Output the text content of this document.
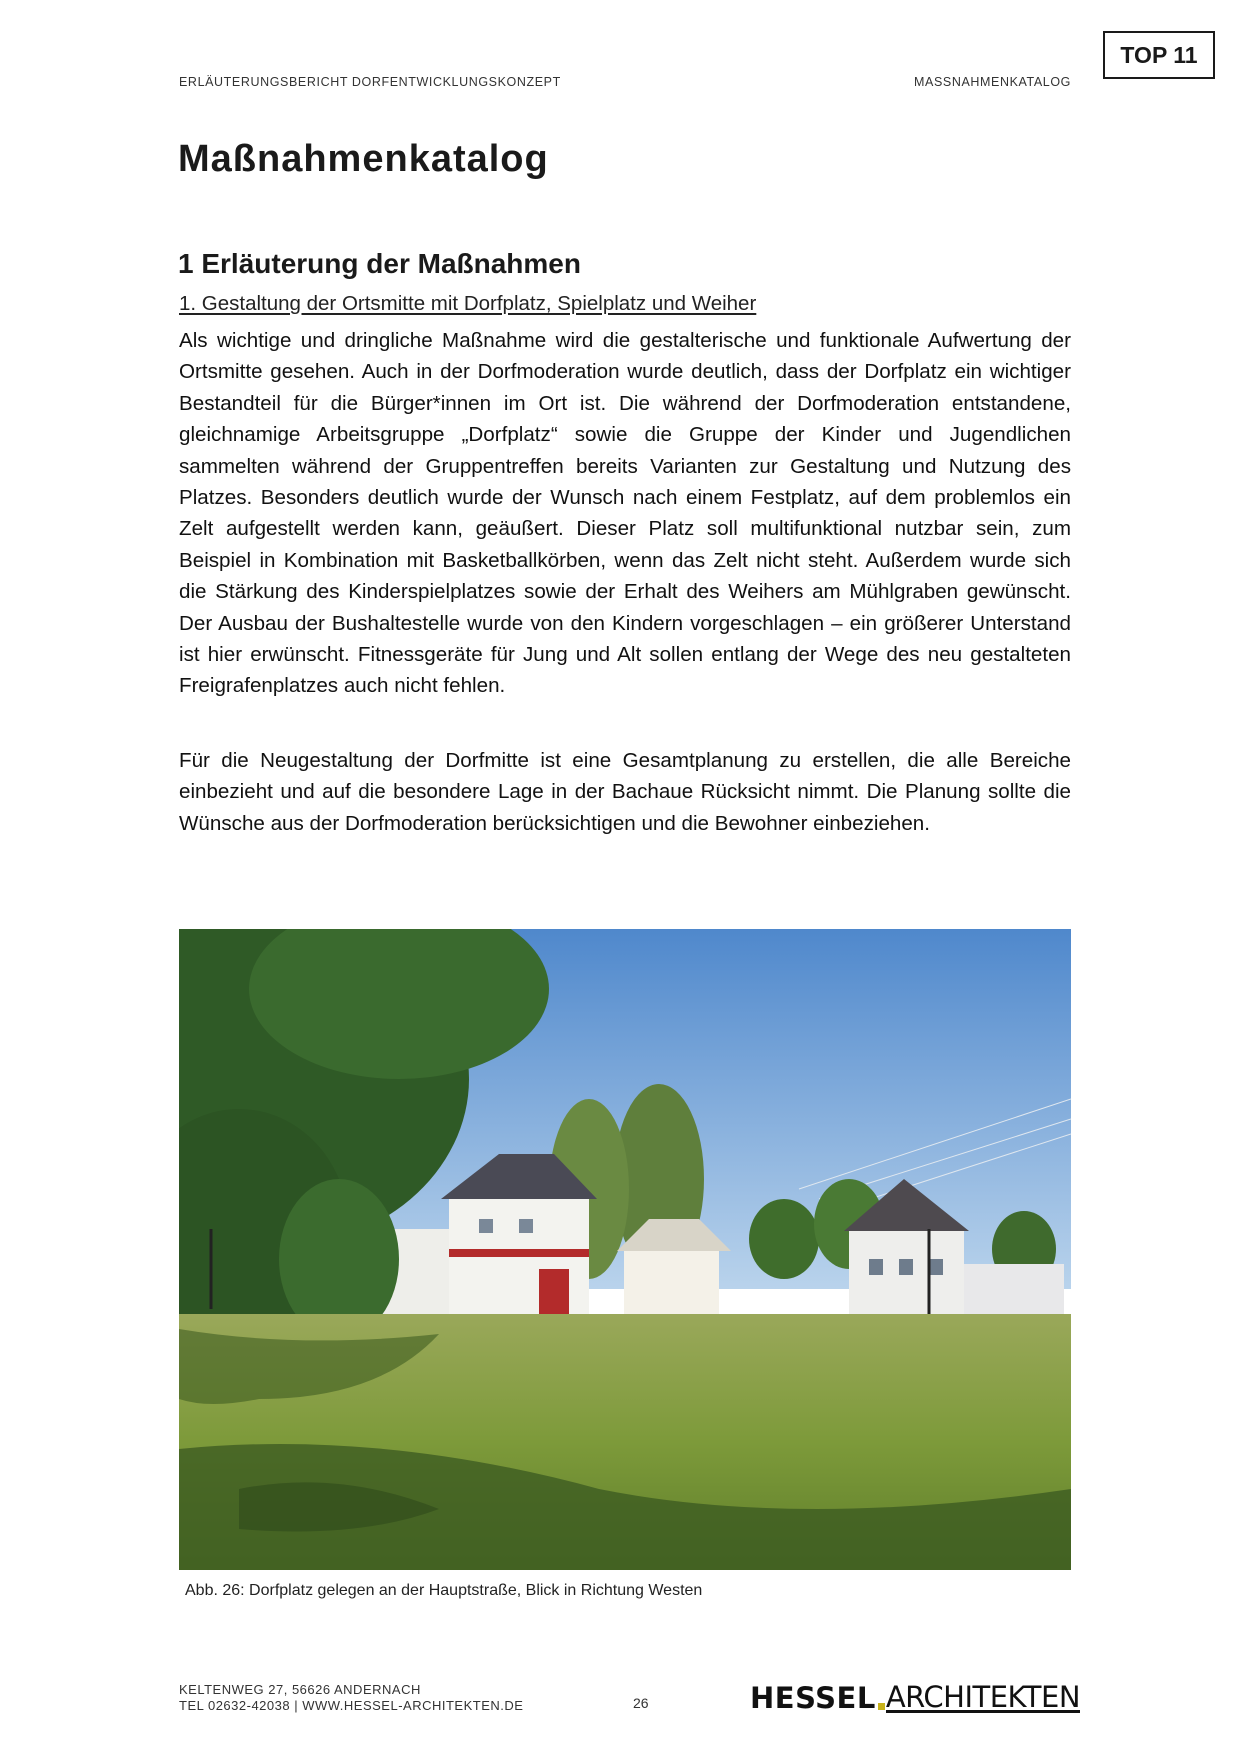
TOP 11
ERLÄUTERUNGSBERICHT DORFENTWICKLUNGSKONZEPT	MASSNAHMENKATALOG
Maßnahmenkatalog
1 Erläuterung der Maßnahmen
1. Gestaltung der Ortsmitte mit Dorfplatz, Spielplatz und Weiher

Als wichtige und dringliche Maßnahme wird die gestalterische und funktionale Aufwertung der Ortsmitte gesehen. Auch in der Dorfmoderation wurde deutlich, dass der Dorfplatz ein wichtiger Bestandteil für die Bürger*innen im Ort ist. Die während der Dorfmoderation entstandene, gleichnamige Arbeitsgruppe „Dorfplatz“ sowie die Gruppe der Kinder und Jugendlichen sammelten während der Gruppentreffen bereits Varianten zur Gestaltung und Nutzung des Platzes. Besonders deutlich wurde der Wunsch nach einem Festplatz, auf dem problemlos ein Zelt aufgestellt werden kann, geäußert. Dieser Platz soll multifunktional nutzbar sein, zum Beispiel in Kombination mit Basketballkörben, wenn das Zelt nicht steht. Außerdem wurde sich die Stärkung des Kinderspielplatzes sowie der Erhalt des Weihers am Mühlgraben gewünscht. Der Ausbau der Bushaltestelle wurde von den Kindern vorgeschlagen – ein größerer Unterstand ist hier erwünscht. Fitnessgeräte für Jung und Alt sollen entlang der Wege des neu gestalteten Freigrafenplatzes auch nicht fehlen.

Für die Neugestaltung der Dorfmitte ist eine Gesamtplanung zu erstellen, die alle Bereiche einbezieht und auf die besondere Lage in der Bachaue Rücksicht nimmt. Die Planung sollte die Wünsche aus der Dorfmoderation berücksichtigen und die Bewohner einbeziehen.

Abb. 26: Dorfplatz gelegen an der Hauptstraße, Blick in Richtung Westen
KELTENWEG 27, 56626 ANDERNACH
TEL 02632-42038 | WWW.HESSEL-ARCHITEKTEN.DE	26	HESSEL ARCHITEKTEN
